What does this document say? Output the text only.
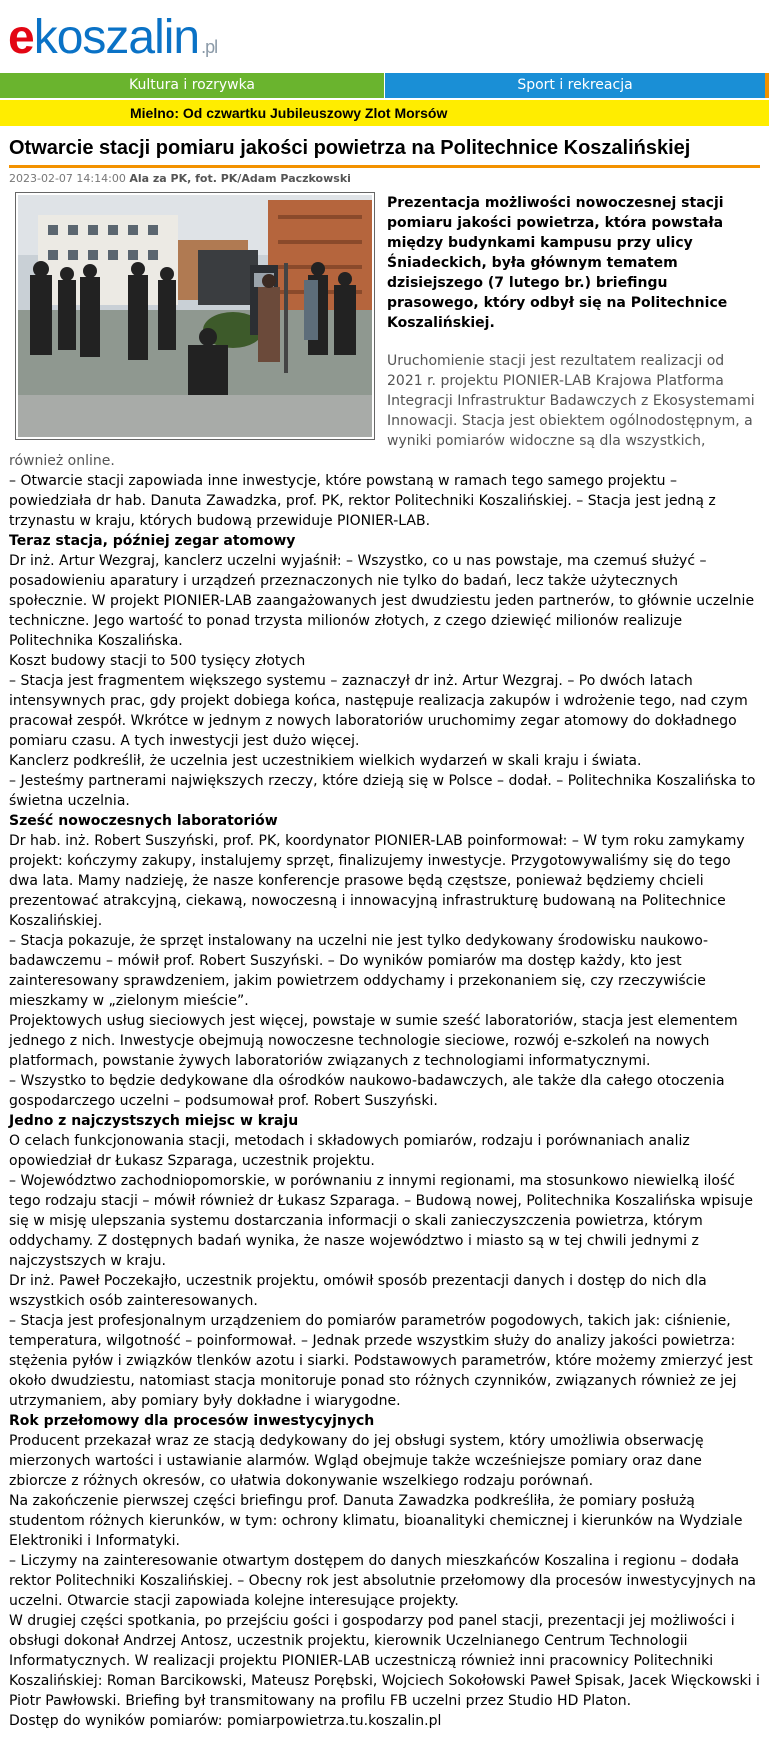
ekoszalin .pl
Kultura i rozrywka	Sport i rekreacja
Mielno: Od czwartku Jubileuszowy Zlot Morsów
Otwarcie stacji pomiaru jakości powietrza na Politechnice Koszalińskiej
2023-02-07 14:14:00 Ala za PK, fot. PK/Adam Paczkowski

Prezentacja możliwości nowoczesnej stacji pomiaru jakości powietrza, która powstała między budynkami kampusu przy ulicy Śniadeckich, była głównym tematem dzisiejszego (7 lutego br.) briefingu prasowego, który odbył się na Politechnice Koszalińskiej.

Uruchomienie stacji jest rezultatem realizacji od 2021 r. projektu PIONIER-LAB Krajowa Platforma Integracji Infrastruktur Badawczych z Ekosystemami Innowacji. Stacja jest obiektem ogólnodostępnym, a wyniki pomiarów widoczne są dla wszystkich, również online.

– Otwarcie stacji zapowiada inne inwestycje, które powstaną w ramach tego samego projektu – powiedziała dr hab. Danuta Zawadzka, prof. PK, rektor Politechniki Koszalińskiej. – Stacja jest jedną z trzynastu w kraju, których budową przewiduje PIONIER-LAB.

Teraz stacja, później zegar atomowy

Dr inż. Artur Wezgraj, kanclerz uczelni wyjaśnił: – Wszystko, co u nas powstaje, ma czemuś służyć – posadowieniu aparatury i urządzeń przeznaczonych nie tylko do badań, lecz także użytecznych społecznie. W projekt PIONIER-LAB zaangażowanych jest dwudziestu jeden partnerów, to głównie uczelnie techniczne. Jego wartość to ponad trzysta milionów złotych, z czego dziewięć milionów realizuje Politechnika Koszalińska.

Koszt budowy stacji to 500 tysięcy złotych

– Stacja jest fragmentem większego systemu – zaznaczył dr inż. Artur Wezgraj. – Po dwóch latach intensywnych prac, gdy projekt dobiega końca, następuje realizacja zakupów i wdrożenie tego, nad czym pracował zespół. Wkrótce w jednym z nowych laboratoriów uruchomimy zegar atomowy do dokładnego pomiaru czasu. A tych inwestycji jest dużo więcej.

Kanclerz podkreślił, że uczelnia jest uczestnikiem wielkich wydarzeń w skali kraju i świata.

– Jesteśmy partnerami największych rzeczy, które dzieją się w Polsce – dodał. – Politechnika Koszalińska to świetna uczelnia.

Sześć nowoczesnych laboratoriów

Dr hab. inż. Robert Suszyński, prof. PK, koordynator PIONIER-LAB poinformował: – W tym roku zamykamy projekt: kończymy zakupy, instalujemy sprzęt, finalizujemy inwestycje. Przygotowywaliśmy się do tego dwa lata. Mamy nadzieję, że nasze konferencje prasowe będą częstsze, ponieważ będziemy chcieli prezentować atrakcyjną, ciekawą, nowoczesną i innowacyjną infrastrukturę budowaną na Politechnice Koszalińskiej.

– Stacja pokazuje, że sprzęt instalowany na uczelni nie jest tylko dedykowany środowisku naukowo-badawczemu – mówił prof. Robert Suszyński. – Do wyników pomiarów ma dostęp każdy, kto jest zainteresowany sprawdzeniem, jakim powietrzem oddychamy i przekonaniem się, czy rzeczywiście mieszkamy w „zielonym mieście”.

Projektowych usług sieciowych jest więcej, powstaje w sumie sześć laboratoriów, stacja jest elementem jednego z nich. Inwestycje obejmują nowoczesne technologie sieciowe, rozwój e-szkoleń na nowych platformach, powstanie żywych laboratoriów związanych z technologiami informatycznymi.

– Wszystko to będzie dedykowane dla ośrodków naukowo-badawczych, ale także dla całego otoczenia gospodarczego uczelni – podsumował prof. Robert Suszyński.

Jedno z najczystszych miejsc w kraju

O celach funkcjonowania stacji, metodach i składowych pomiarów, rodzaju i porównaniach analiz opowiedział dr Łukasz Szparaga, uczestnik projektu.

– Województwo zachodniopomorskie, w porównaniu z innymi regionami, ma stosunkowo niewielką ilość tego rodzaju stacji – mówił również dr Łukasz Szparaga. – Budową nowej, Politechnika Koszalińska wpisuje się w misję ulepszania systemu dostarczania informacji o skali zanieczyszczenia powietrza, którym oddychamy. Z dostępnych badań wynika, że nasze województwo i miasto są w tej chwili jednymi z najczystszych w kraju.

Dr inż. Paweł Poczekajło, uczestnik projektu, omówił sposób prezentacji danych i dostęp do nich dla wszystkich osób zainteresowanych.

– Stacja jest profesjonalnym urządzeniem do pomiarów parametrów pogodowych, takich jak: ciśnienie, temperatura, wilgotność – poinformował. – Jednak przede wszystkim służy do analizy jakości powietrza: stężenia pyłów i związków tlenków azotu i siarki. Podstawowych parametrów, które możemy zmierzyć jest około dwudziestu, natomiast stacja monitoruje ponad sto różnych czynników, związanych również ze jej utrzymaniem, aby pomiary były dokładne i wiarygodne.

Rok przełomowy dla procesów inwestycyjnych

Producent przekazał wraz ze stacją dedykowany do jej obsługi system, który umożliwia obserwację mierzonych wartości i ustawianie alarmów. Wgląd obejmuje także wcześniejsze pomiary oraz dane zbiorcze z różnych okresów, co ułatwia dokonywanie wszelkiego rodzaju porównań.

Na zakończenie pierwszej części briefingu prof. Danuta Zawadzka podkreśliła, że pomiary posłużą studentom różnych kierunków, w tym: ochrony klimatu, bioanalityki chemicznej i kierunków na Wydziale Elektroniki i Informatyki.

– Liczymy na zainteresowanie otwartym dostępem do danych mieszkańców Koszalina i regionu – dodała rektor Politechniki Koszalińskiej. – Obecny rok jest absolutnie przełomowy dla procesów inwestycyjnych na uczelni. Otwarcie stacji zapowiada kolejne interesujące projekty.

W drugiej części spotkania, po przejściu gości i gospodarzy pod panel stacji, prezentacji jej możliwości i obsługi dokonał Andrzej Antosz, uczestnik projektu, kierownik Uczelnianego Centrum Technologii Informatycznych. W realizacji projektu PIONIER-LAB uczestniczą również inni pracownicy Politechniki Koszalińskiej: Roman Barcikowski, Mateusz Porębski, Wojciech Sokołowski Paweł Spisak, Jacek Więckowski i Piotr Pawłowski. Briefing był transmitowany na profilu FB uczelni przez Studio HD Platon.

Dostęp do wyników pomiarów: pomiarpowietrza.tu.koszalin.pl
